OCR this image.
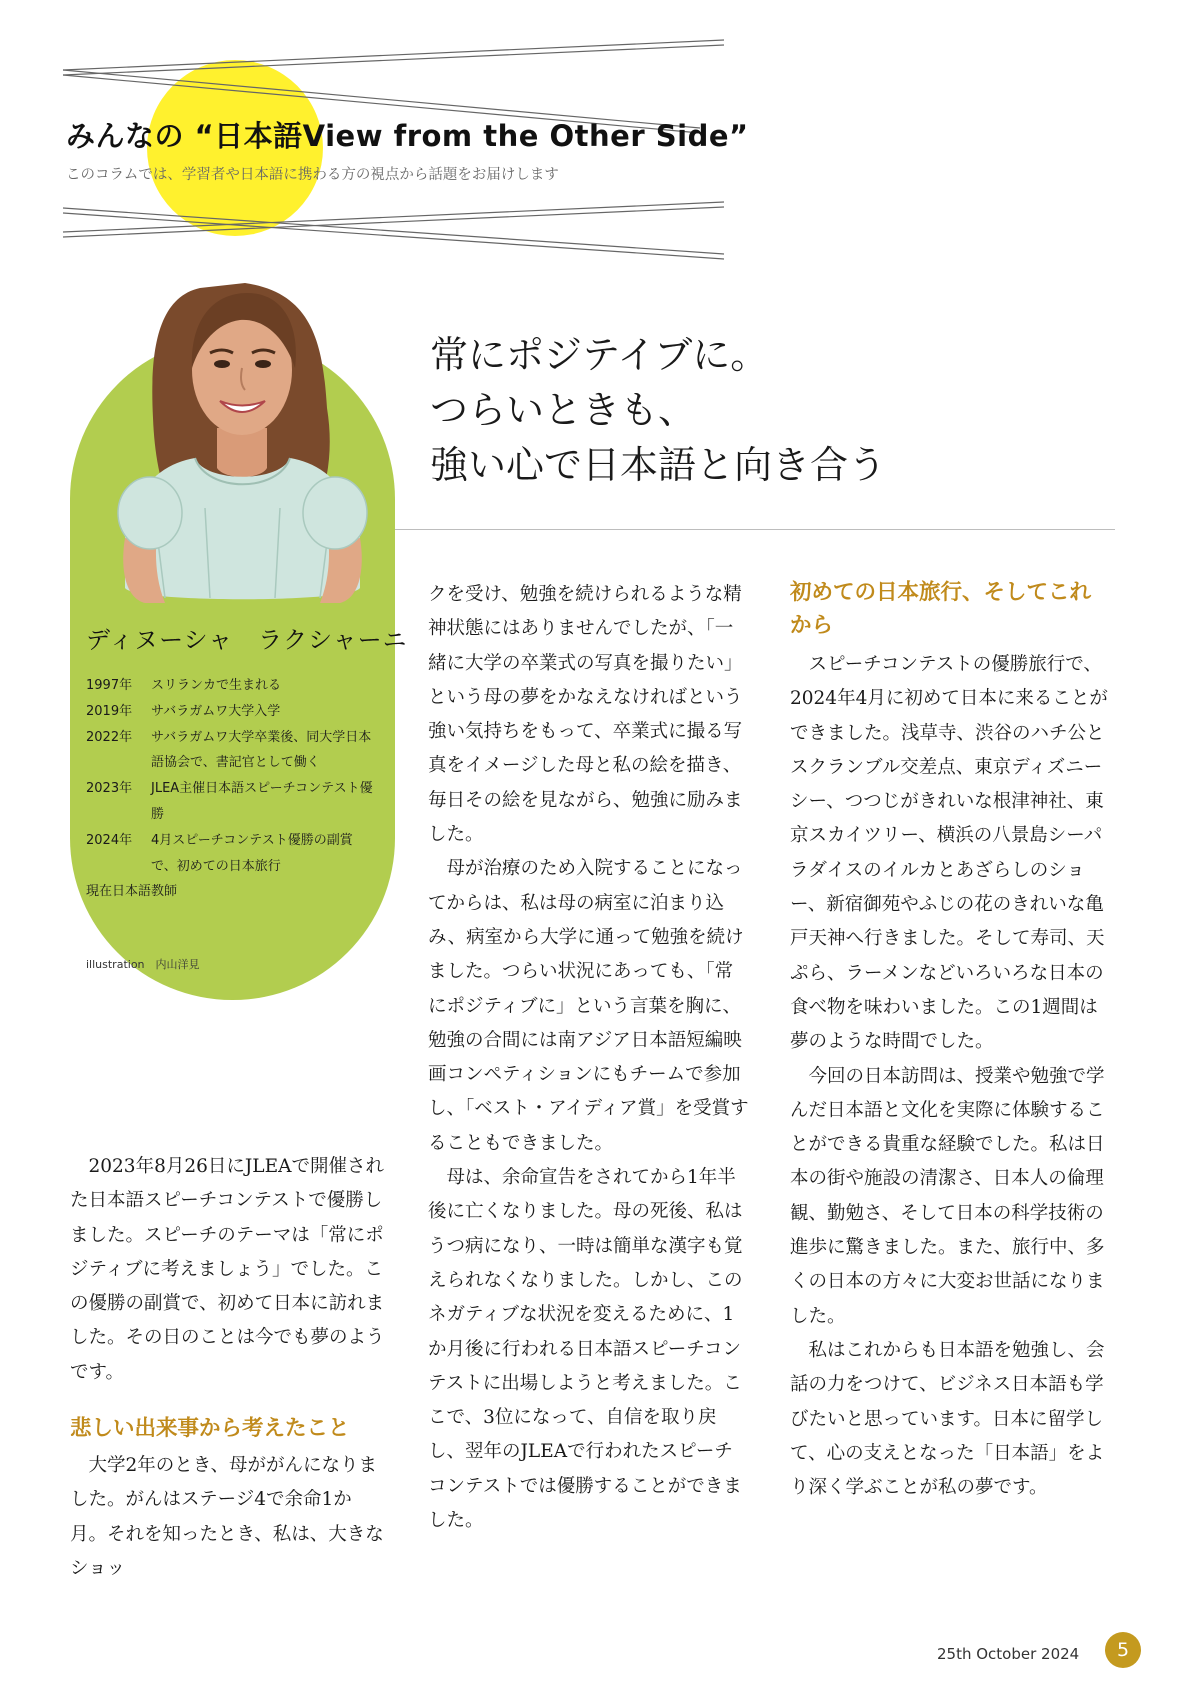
みんなの “日本語View from the Other Side”
このコラムでは、学習者や日本語に携わる方の視点から話題をお届けします
常にポジテイブに。
つらいときも、
強い心で日本語と向き合う
ディヌーシャ　ラクシャーニ
1997年	スリランカで生まれる
2019年	サバラガムワ大学入学
2022年	サバラガムワ大学卒業後、同大学日本語協会で、書記官として働く
2023年	JLEA主催日本語スピーチコンテスト優勝
2024年	4月スピーチコンテスト優勝の副賞で、初めての日本旅行
現在日本語教師
illustration　内山洋見

2023年8月26日にJLEAで開催された日本語スピーチコンテストで優勝しました。スピーチのテーマは「常にポジティブに考えましょう」でした。この優勝の副賞で、初めて日本に訪れました。その日のことは今でも夢のようです。

悲しい出来事から考えたこと

大学2年のとき、母ががんになりました。がんはステージ4で余命1か月。それを知ったとき、私は、大きなショッ

クを受け、勉強を続けられるような精神状態にはありませんでしたが、「一緒に大学の卒業式の写真を撮りたい」という母の夢をかなえなければという強い気持ちをもって、卒業式に撮る写真をイメージした母と私の絵を描き、毎日その絵を見ながら、勉強に励みました。

母が治療のため入院することになってからは、私は母の病室に泊まり込み、病室から大学に通って勉強を続けました。つらい状況にあっても、「常にポジティブに」という言葉を胸に、勉強の合間には南アジア日本語短編映画コンペティションにもチームで参加し、「ベスト・アイディア賞」を受賞することもできました。

母は、余命宣告をされてから1年半後に亡くなりました。母の死後、私はうつ病になり、一時は簡単な漢字も覚えられなくなりました。しかし、このネガティブな状況を変えるために、1か月後に行われる日本語スピーチコンテストに出場しようと考えました。ここで、3位になって、自信を取り戻し、翌年のJLEAで行われたスピーチコンテストでは優勝することができました。

初めての日本旅行、そしてこれから

スピーチコンテストの優勝旅行で、2024年4月に初めて日本に来ることができました。浅草寺、渋谷のハチ公とスクランブル交差点、東京ディズニーシー、つつじがきれいな根津神社、東京スカイツリー、横浜の八景島シーパラダイスのイルカとあざらしのショー、新宿御苑やふじの花のきれいな亀戸天神へ行きました。そして寿司、天ぷら、ラーメンなどいろいろな日本の食べ物を味わいました。この1週間は夢のような時間でした。

今回の日本訪問は、授業や勉強で学んだ日本語と文化を実際に体験することができる貴重な経験でした。私は日本の街や施設の清潔さ、日本人の倫理観、勤勉さ、そして日本の科学技術の進歩に驚きました。また、旅行中、多くの日本の方々に大変お世話になりました。

私はこれからも日本語を勉強し、会話の力をつけて、ビジネス日本語も学びたいと思っています。日本に留学して、心の支えとなった「日本語」をより深く学ぶことが私の夢です。

25th October 2024	5
